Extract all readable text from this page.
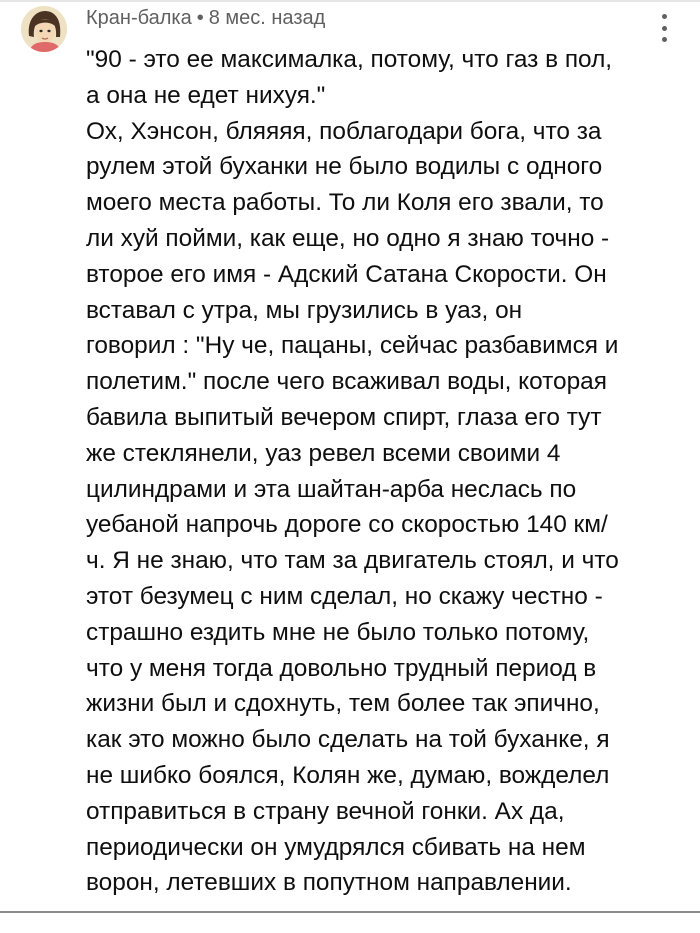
Кран-балка • 8 мес. назад

"90 - это ее максималка, потому, что газ в пол,

а она не едет нихуя."

Ох, Хэнсон, бляяяя, поблагодари бога, что за

рулем этой буханки не было водилы с одного

моего места работы. То ли Коля его звали, то

ли хуй пойми, как еще, но одно я знаю точно -

второе его имя - Адский Сатана Скорости. Он

вставал с утра, мы грузились в уаз, он

говорил : "Ну че, пацаны, сейчас разбавимся и

полетим." после чего всаживал воды, которая

бавила выпитый вечером спирт, глаза его тут

же стеклянели, уаз ревел всеми своими 4

цилиндрами и эта шайтан-арба неслась по

уебаной напрочь дороге со скоростью 140 км/

ч. Я не знаю, что там за двигатель стоял, и что

этот безумец с ним сделал, но скажу честно -

страшно ездить мне не было только потому,

что у меня тогда довольно трудный период в

жизни был и сдохнуть, тем более так эпично,

как это можно было сделать на той буханке, я

не шибко боялся, Колян же, думаю, вожделел

отправиться в страну вечной гонки. Ах да,

периодически он умудрялся сбивать на нем

ворон, летевших в попутном направлении.
